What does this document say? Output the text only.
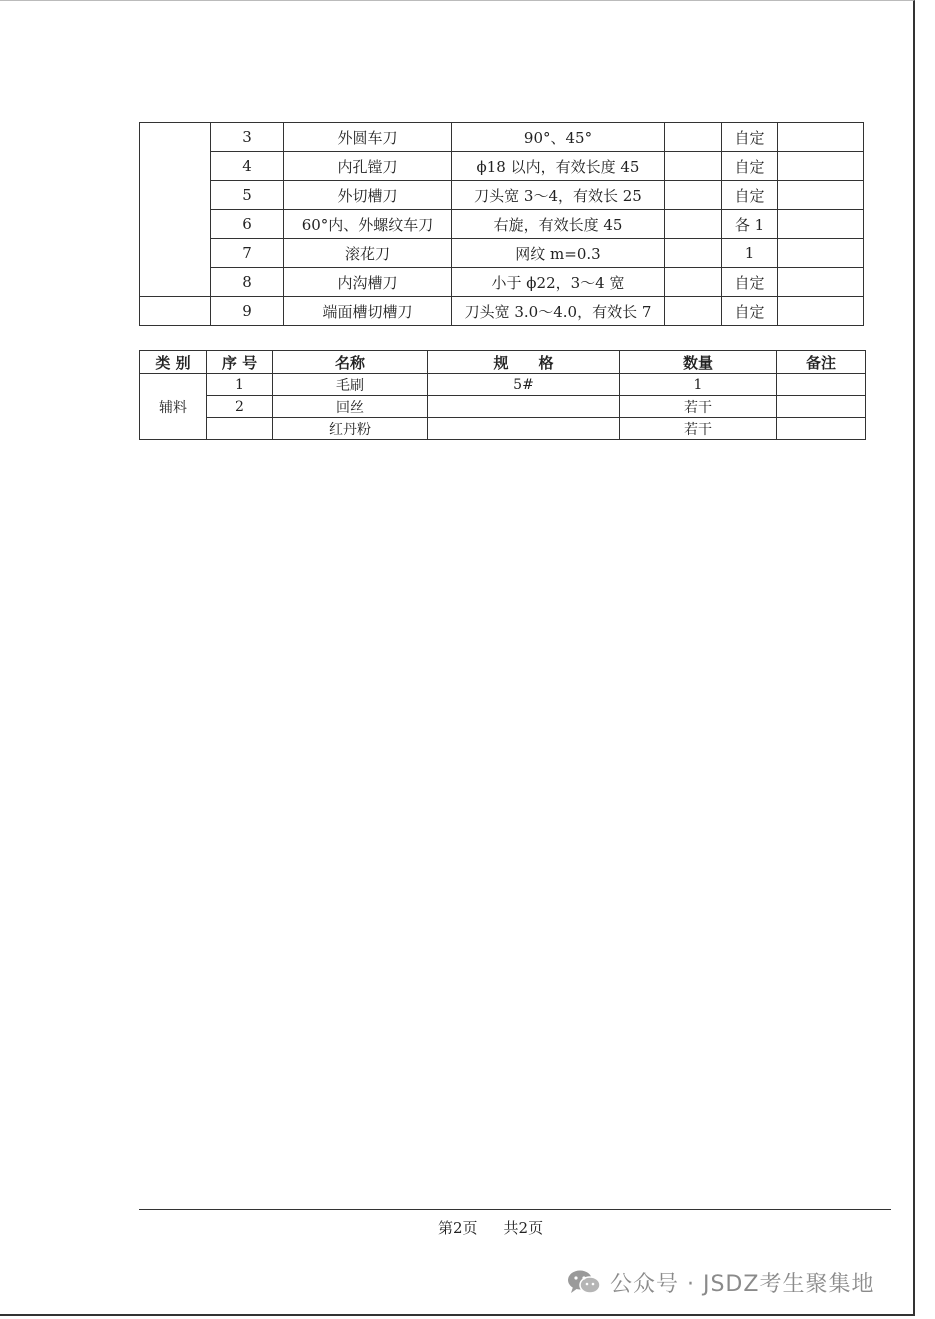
	3	外圆车刀	90°、45°		自定	
	4	内孔镗刀	ϕ18 以内，有效长度 45		自定	
	5	外切槽刀	刀头宽 3～4，有效长 25		自定	
	6	60°内、外螺纹车刀	右旋，有效长度 45		各 1	
	7	滚花刀	网纹 m=0.3		1	
	8	内沟槽刀	小于 ϕ22，3～4 宽		自定	
	9	端面槽切槽刀	刀头宽 3.0～4.0，有效长 7		自定	
类 别	序 号	名称	规　　格	数量	备注
辅料	1	毛刷	5#	1	
	2	回丝		若干	
		红丹粉		若干	
第2页 共2页
公众号 · JSDZ考生聚集地
